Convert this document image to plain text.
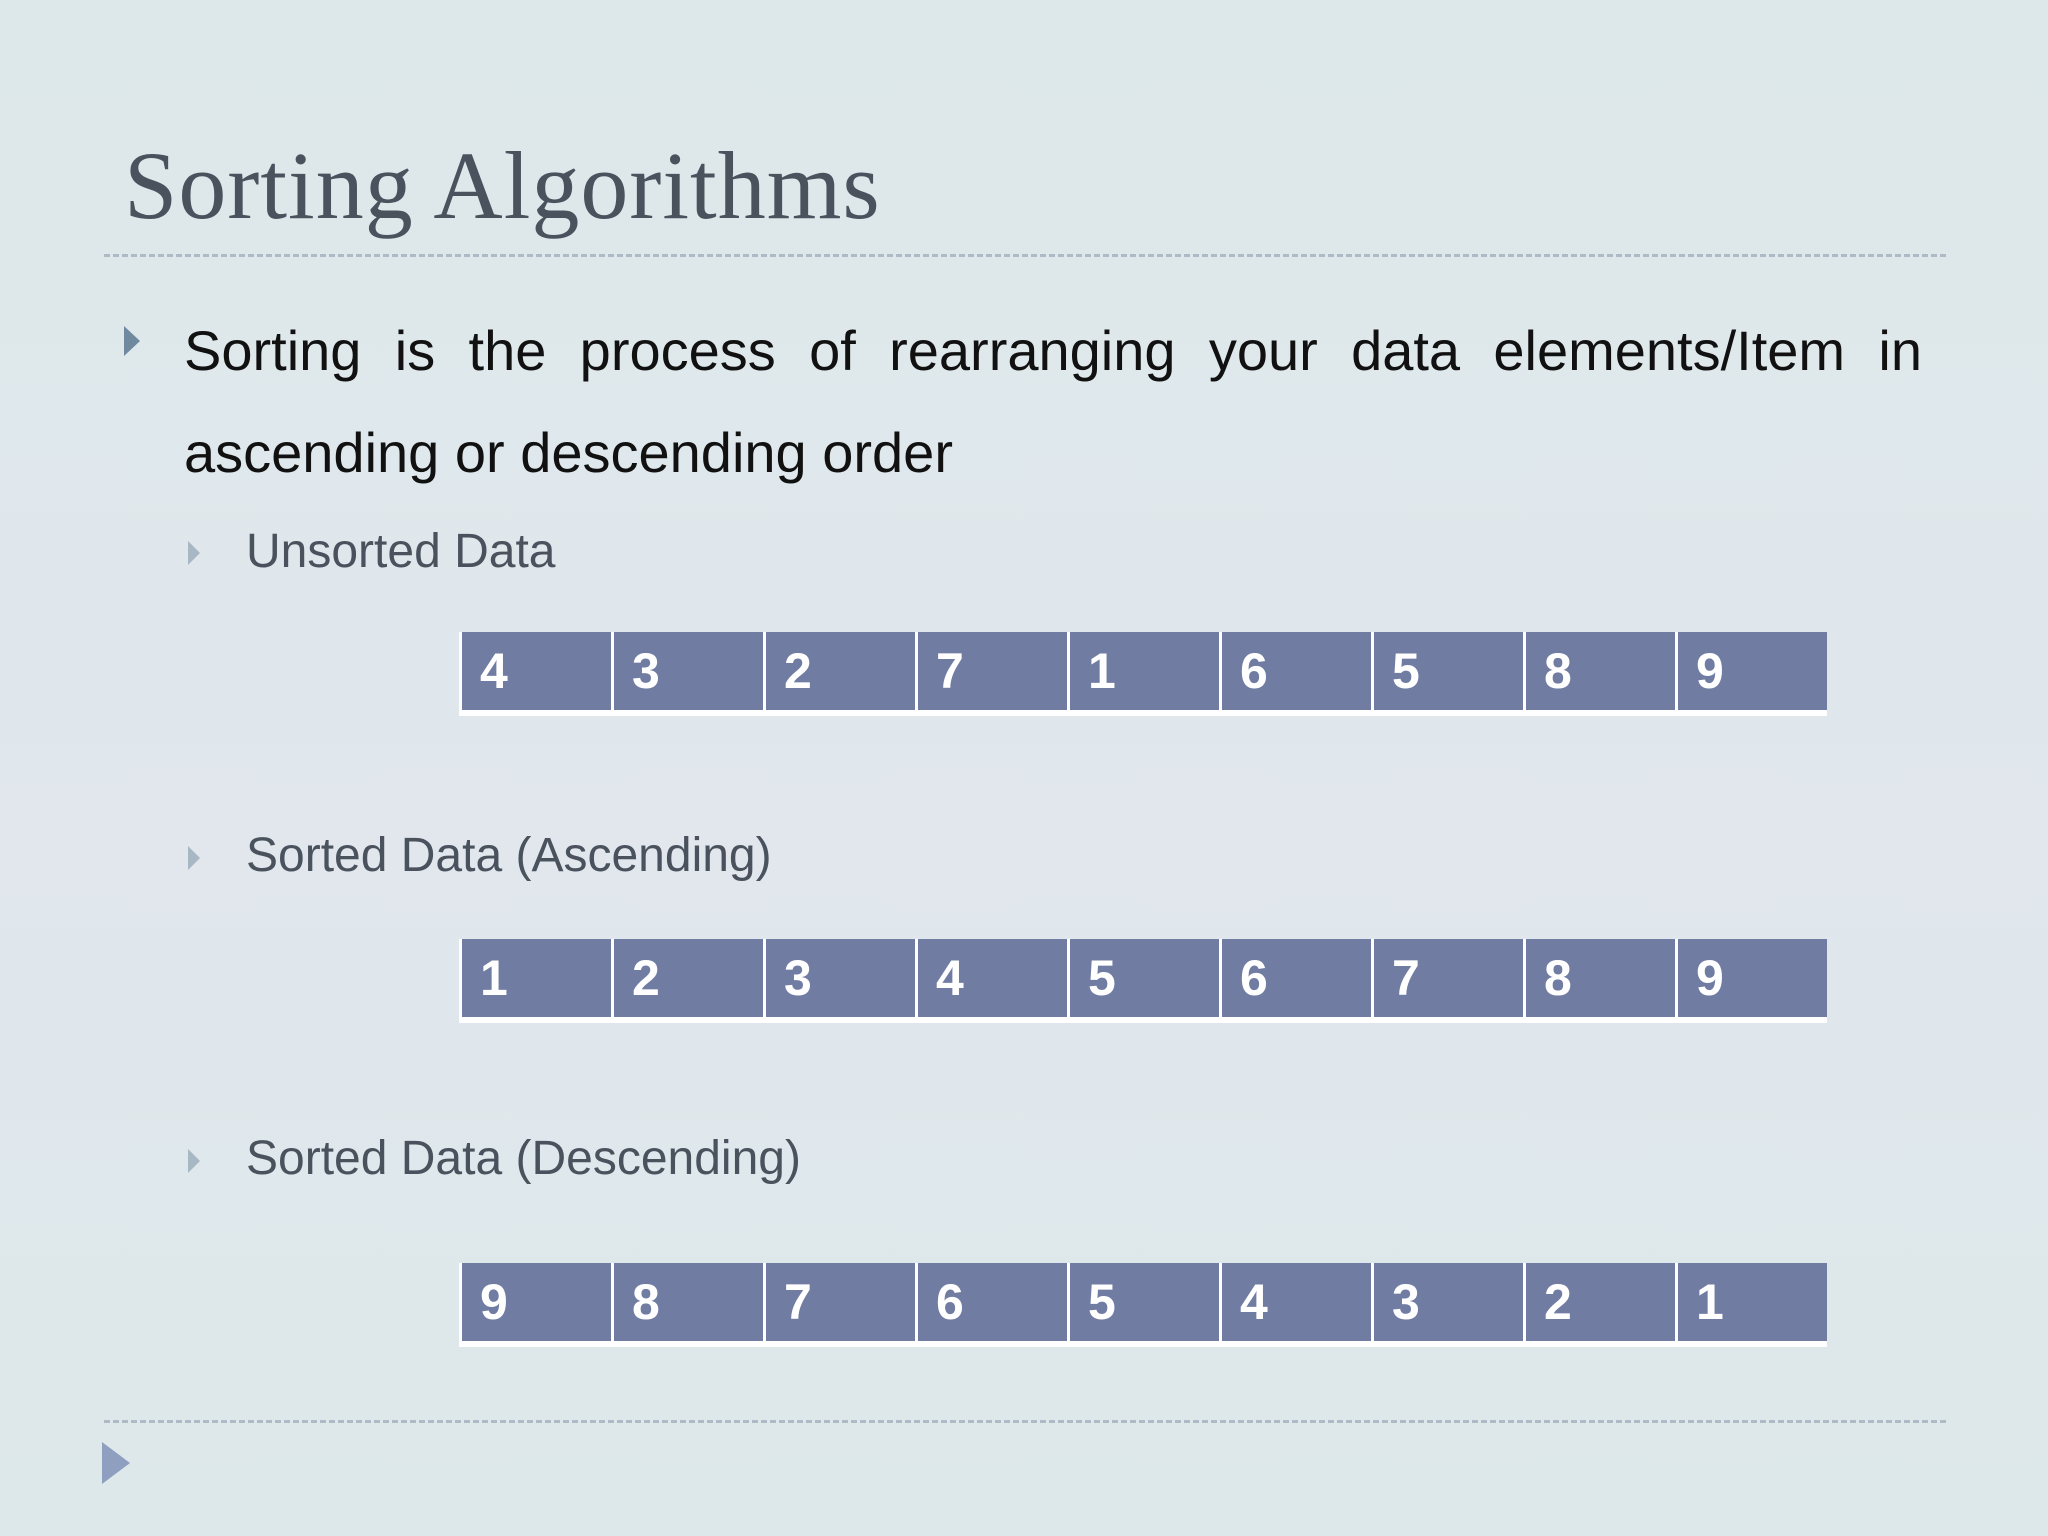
Sorting Algorithms
Sorting is the process of rearranging your data elements/Item in ascending or descending order
Unsorted Data
4	3	2	7	1	6	5	8	9
Sorted Data (Ascending)
1	2	3	4	5	6	7	8	9
Sorted Data (Descending)
9	8	7	6	5	4	3	2	1
